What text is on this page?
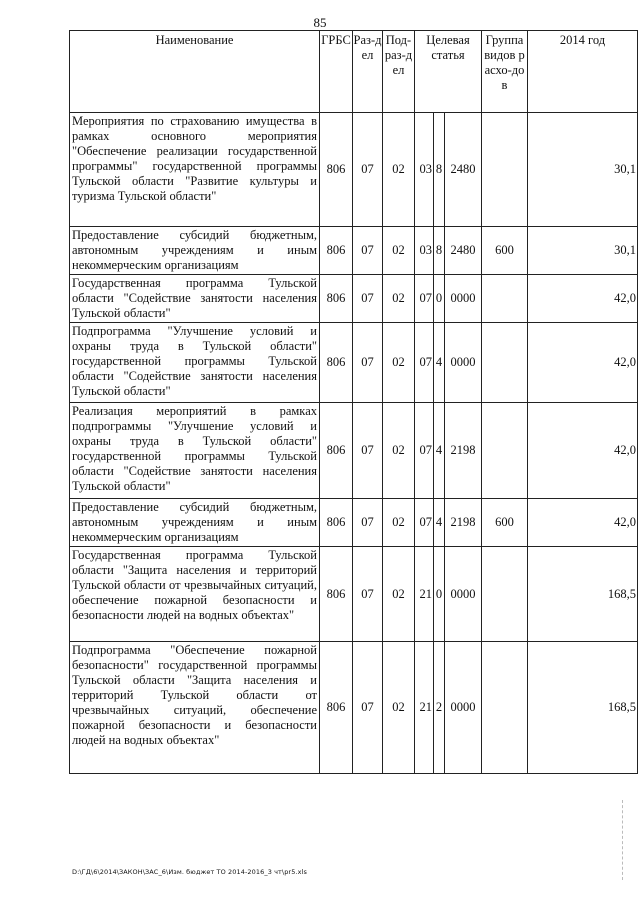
85
Наименование	ГРБС	Раз-дел	Под-раз-дел	Целевая статья			Группа видов расхо-дов	2014 год
Мероприятия по страхованию имущества в рамках основного мероприятия "Обеспечение реализации государственной программы" государственной программы Тульской области "Развитие культуры и туризма Тульской области"	806	07	02	03	8	2480		30,1
Предоставление субсидий бюджетным, автономным учреждениям и иным некоммерческим организациям	806	07	02	03	8	2480	600	30,1
Государственная программа Тульской области "Содействие занятости населения Тульской области"	806	07	02	07	0	0000		42,0
Подпрограмма "Улучшение условий и охраны труда в Тульской области" государственной программы Тульской области "Содействие занятости населения Тульской области"	806	07	02	07	4	0000		42,0
Реализация мероприятий в рамках подпрограммы "Улучшение условий и охраны труда в Тульской области" государственной программы Тульской области "Содействие занятости населения Тульской области"	806	07	02	07	4	2198		42,0
Предоставление субсидий бюджетным, автономным учреждениям и иным некоммерческим организациям	806	07	02	07	4	2198	600	42,0
Государственная программа Тульской области "Защита населения и территорий Тульской области от чрезвычайных ситуаций, обеспечение пожарной безопасности и безопасности людей на водных объектах"	806	07	02	21	0	0000		168,5
Подпрограмма "Обеспечение пожарной безопасности" государственной программы Тульской области "Защита населения и территорий Тульской области от чрезвычайных ситуаций, обеспечение пожарной безопасности и безопасности людей на водных объектах"	806	07	02	21	2	0000		168,5
D:\ГД\6\2014\ЗАКОН\ЗАС_6\Изм. бюджет ТО 2014-2016_3 чт\pr5.xls
